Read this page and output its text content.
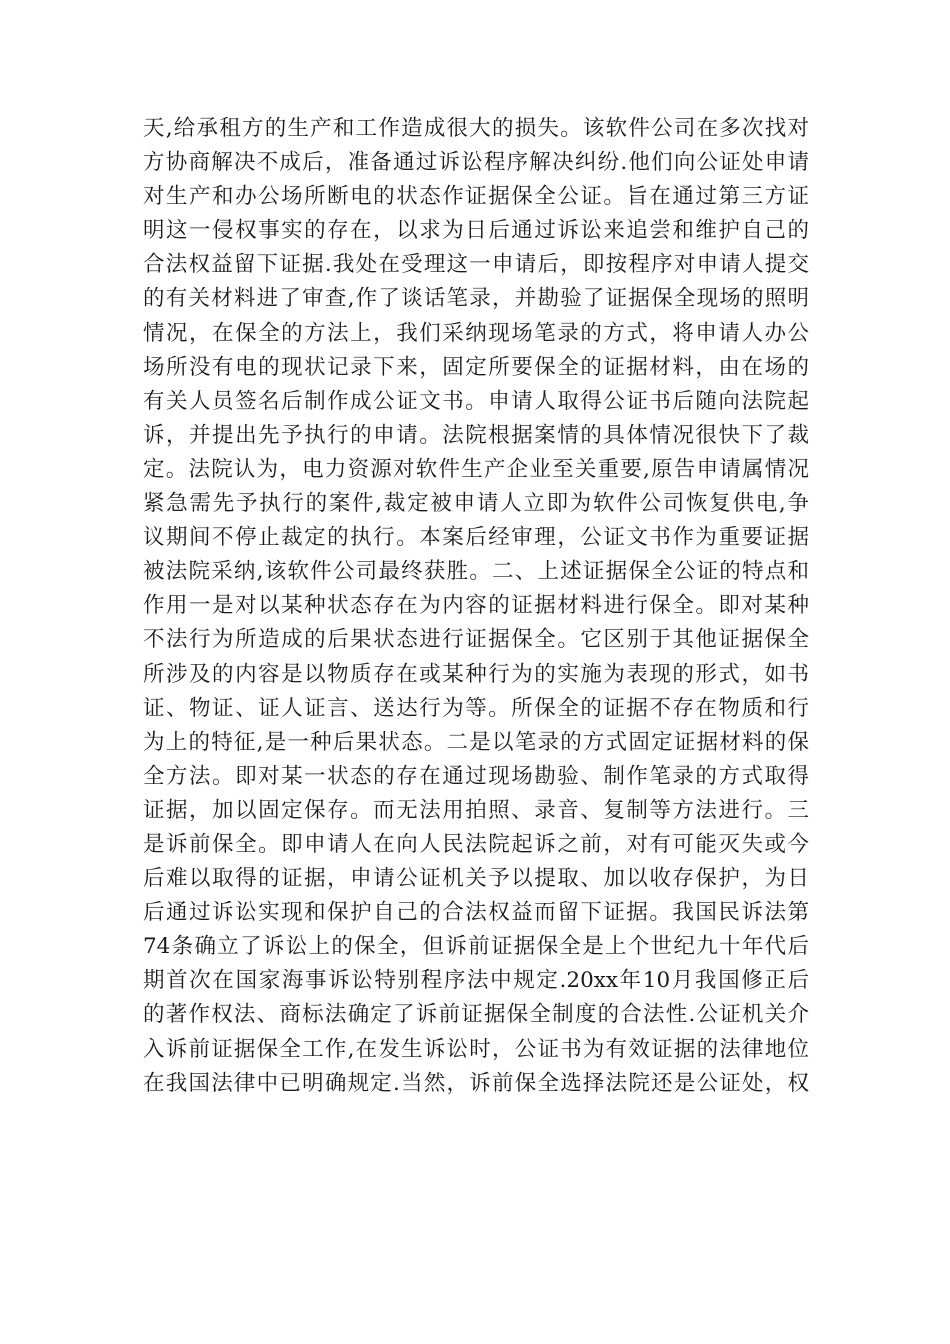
天,给承租方的生产和工作造成很大的损失。该软件公司在多次找对
方协商解决不成后，准备通过诉讼程序解决纠纷.他们向公证处申请
对生产和办公场所断电的状态作证据保全公证。旨在通过第三方证
明这一侵权事实的存在，以求为日后通过诉讼来追尝和维护自己的
合法权益留下证据.我处在受理这一申请后，即按程序对申请人提交
的有关材料进了审查,作了谈话笔录，并勘验了证据保全现场的照明
情况，在保全的方法上，我们采纳现场笔录的方式，将申请人办公
场所没有电的现状记录下来，固定所要保全的证据材料，由在场的
有关人员签名后制作成公证文书。申请人取得公证书后随向法院起
诉，并提出先予执行的申请。法院根据案情的具体情况很快下了裁
定。法院认为，电力资源对软件生产企业至关重要,原告申请属情况
紧急需先予执行的案件,裁定被申请人立即为软件公司恢复供电,争
议期间不停止裁定的执行。本案后经审理，公证文书作为重要证据
被法院采纳,该软件公司最终获胜。二、上述证据保全公证的特点和
作用一是对以某种状态存在为内容的证据材料进行保全。即对某种
不法行为所造成的后果状态进行证据保全。它区别于其他证据保全
所涉及的内容是以物质存在或某种行为的实施为表现的形式，如书
证、物证、证人证言、送达行为等。所保全的证据不存在物质和行
为上的特征,是一种后果状态。二是以笔录的方式固定证据材料的保
全方法。即对某一状态的存在通过现场勘验、制作笔录的方式取得
证据，加以固定保存。而无法用拍照、录音、复制等方法进行。三
是诉前保全。即申请人在向人民法院起诉之前，对有可能灭失或今
后难以取得的证据，申请公证机关予以提取、加以收存保护，为日
后通过诉讼实现和保护自己的合法权益而留下证据。我国民诉法第
74条确立了诉讼上的保全，但诉前证据保全是上个世纪九十年代后
期首次在国家海事诉讼特别程序法中规定.20xx年10月我国修正后
的著作权法、商标法确定了诉前证据保全制度的合法性.公证机关介
入诉前证据保全工作,在发生诉讼时，公证书为有效证据的法律地位
在我国法律中已明确规定.当然，诉前保全选择法院还是公证处，权
